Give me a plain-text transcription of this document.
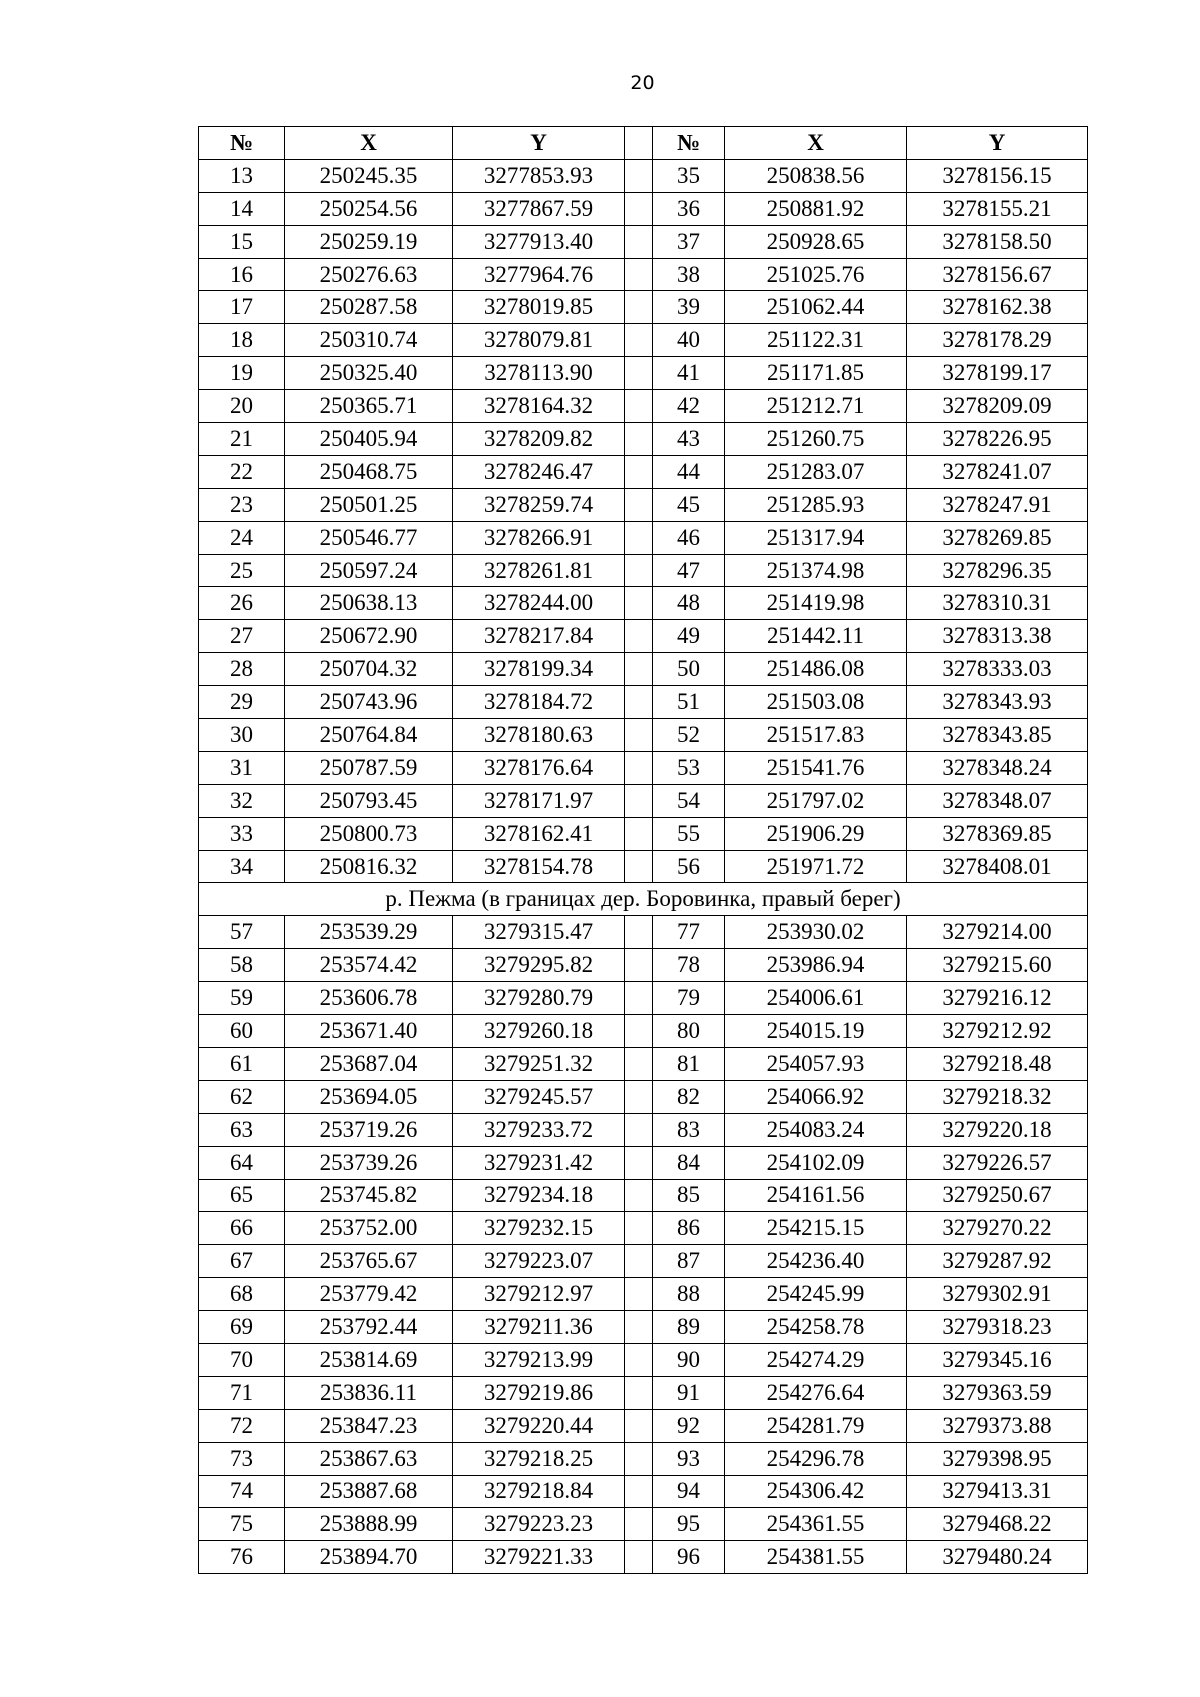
20
№	X	Y		№	X	Y
13	250245.35	3277853.93		35	250838.56	3278156.15
14	250254.56	3277867.59		36	250881.92	3278155.21
15	250259.19	3277913.40		37	250928.65	3278158.50
16	250276.63	3277964.76		38	251025.76	3278156.67
17	250287.58	3278019.85		39	251062.44	3278162.38
18	250310.74	3278079.81		40	251122.31	3278178.29
19	250325.40	3278113.90		41	251171.85	3278199.17
20	250365.71	3278164.32		42	251212.71	3278209.09
21	250405.94	3278209.82		43	251260.75	3278226.95
22	250468.75	3278246.47		44	251283.07	3278241.07
23	250501.25	3278259.74		45	251285.93	3278247.91
24	250546.77	3278266.91		46	251317.94	3278269.85
25	250597.24	3278261.81		47	251374.98	3278296.35
26	250638.13	3278244.00		48	251419.98	3278310.31
27	250672.90	3278217.84		49	251442.11	3278313.38
28	250704.32	3278199.34		50	251486.08	3278333.03
29	250743.96	3278184.72		51	251503.08	3278343.93
30	250764.84	3278180.63		52	251517.83	3278343.85
31	250787.59	3278176.64		53	251541.76	3278348.24
32	250793.45	3278171.97		54	251797.02	3278348.07
33	250800.73	3278162.41		55	251906.29	3278369.85
34	250816.32	3278154.78		56	251971.72	3278408.01
р. Пежма (в границах дер. Боровинка, правый берег)						
57	253539.29	3279315.47		77	253930.02	3279214.00
58	253574.42	3279295.82		78	253986.94	3279215.60
59	253606.78	3279280.79		79	254006.61	3279216.12
60	253671.40	3279260.18		80	254015.19	3279212.92
61	253687.04	3279251.32		81	254057.93	3279218.48
62	253694.05	3279245.57		82	254066.92	3279218.32
63	253719.26	3279233.72		83	254083.24	3279220.18
64	253739.26	3279231.42		84	254102.09	3279226.57
65	253745.82	3279234.18		85	254161.56	3279250.67
66	253752.00	3279232.15		86	254215.15	3279270.22
67	253765.67	3279223.07		87	254236.40	3279287.92
68	253779.42	3279212.97		88	254245.99	3279302.91
69	253792.44	3279211.36		89	254258.78	3279318.23
70	253814.69	3279213.99		90	254274.29	3279345.16
71	253836.11	3279219.86		91	254276.64	3279363.59
72	253847.23	3279220.44		92	254281.79	3279373.88
73	253867.63	3279218.25		93	254296.78	3279398.95
74	253887.68	3279218.84		94	254306.42	3279413.31
75	253888.99	3279223.23		95	254361.55	3279468.22
76	253894.70	3279221.33		96	254381.55	3279480.24
